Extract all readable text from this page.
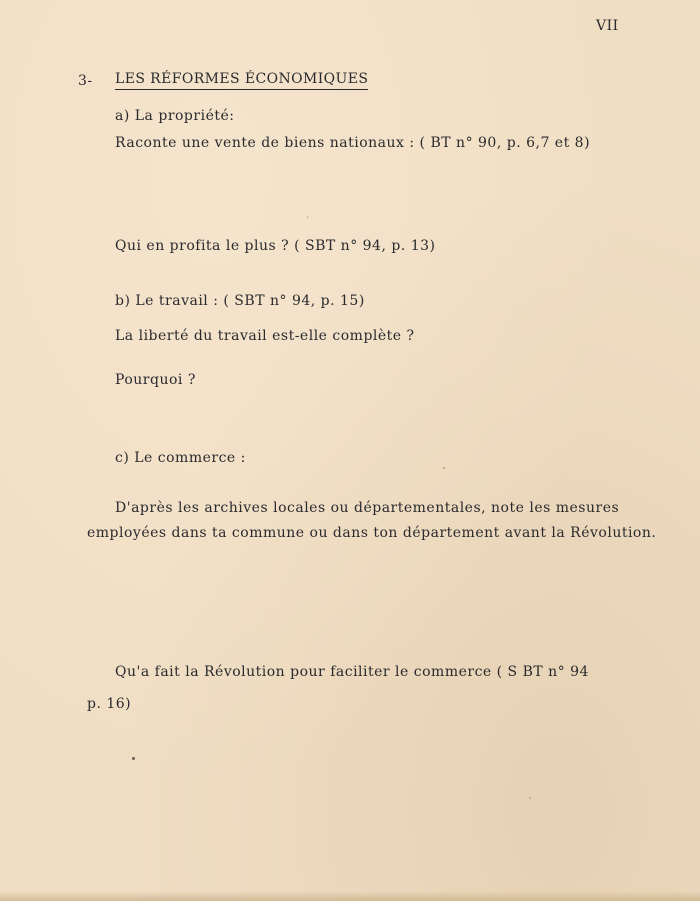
VII
3- LES RÉFORMES ÉCONOMIQUES
a) La propriété:
Raconte une vente de biens nationaux : ( BT n° 90, p. 6,7 et 8)
Qui en profita le plus ? ( SBT n° 94, p. 13)
b) Le travail : ( SBT n° 94, p. 15)
La liberté du travail est-elle complète ?
Pourquoi ?
c) Le commerce :
D'après les archives locales ou départementales, note les mesures
employées dans ta commune ou dans ton département avant la Révolution.
Qu'a fait la Révolution pour faciliter le commerce ( S BT n° 94
p. 16)
